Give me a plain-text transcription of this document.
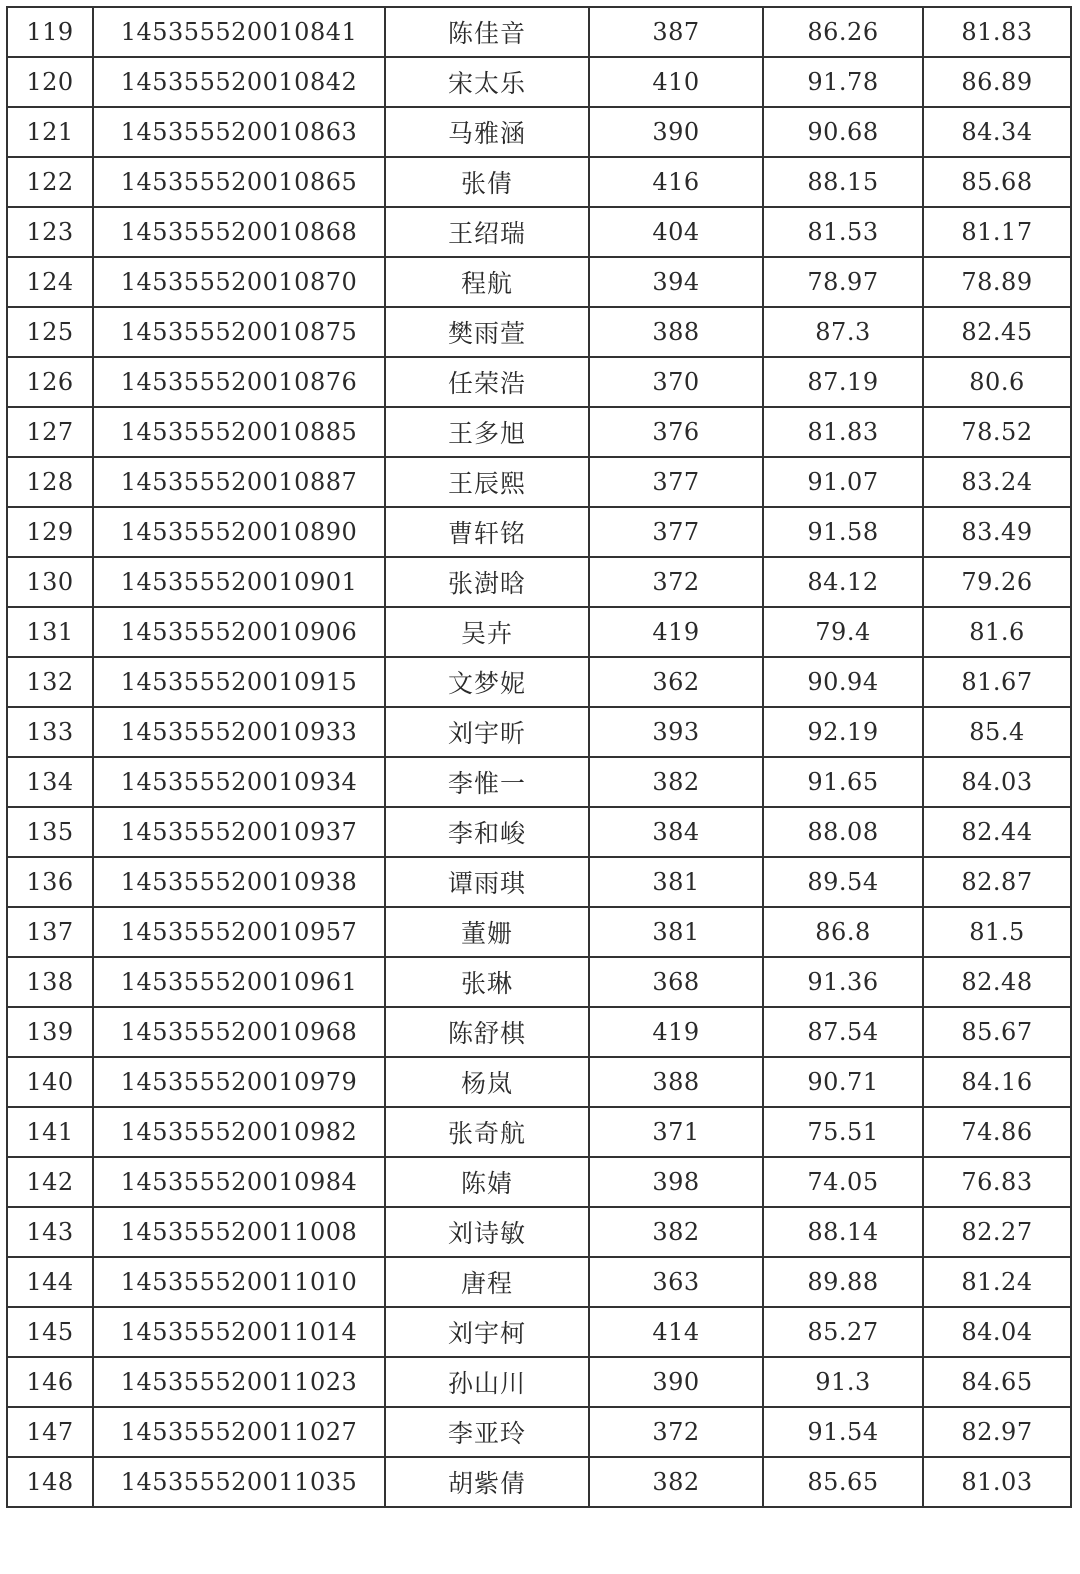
119	145355520010841	陈佳音	387	86.26	81.83
120	145355520010842	宋太乐	410	91.78	86.89
121	145355520010863	马雅涵	390	90.68	84.34
122	145355520010865	张倩	416	88.15	85.68
123	145355520010868	王绍瑞	404	81.53	81.17
124	145355520010870	程航	394	78.97	78.89
125	145355520010875	樊雨萱	388	87.3	82.45
126	145355520010876	任荣浩	370	87.19	80.6
127	145355520010885	王多旭	376	81.83	78.52
128	145355520010887	王辰熙	377	91.07	83.24
129	145355520010890	曹轩铭	377	91.58	83.49
130	145355520010901	张澍晗	372	84.12	79.26
131	145355520010906	吴卉	419	79.4	81.6
132	145355520010915	文梦妮	362	90.94	81.67
133	145355520010933	刘宇昕	393	92.19	85.4
134	145355520010934	李惟一	382	91.65	84.03
135	145355520010937	李和峻	384	88.08	82.44
136	145355520010938	谭雨琪	381	89.54	82.87
137	145355520010957	董姗	381	86.8	81.5
138	145355520010961	张琳	368	91.36	82.48
139	145355520010968	陈舒棋	419	87.54	85.67
140	145355520010979	杨岚	388	90.71	84.16
141	145355520010982	张奇航	371	75.51	74.86
142	145355520010984	陈婧	398	74.05	76.83
143	145355520011008	刘诗敏	382	88.14	82.27
144	145355520011010	唐程	363	89.88	81.24
145	145355520011014	刘宇柯	414	85.27	84.04
146	145355520011023	孙山川	390	91.3	84.65
147	145355520011027	李亚玲	372	91.54	82.97
148	145355520011035	胡紫倩	382	85.65	81.03
